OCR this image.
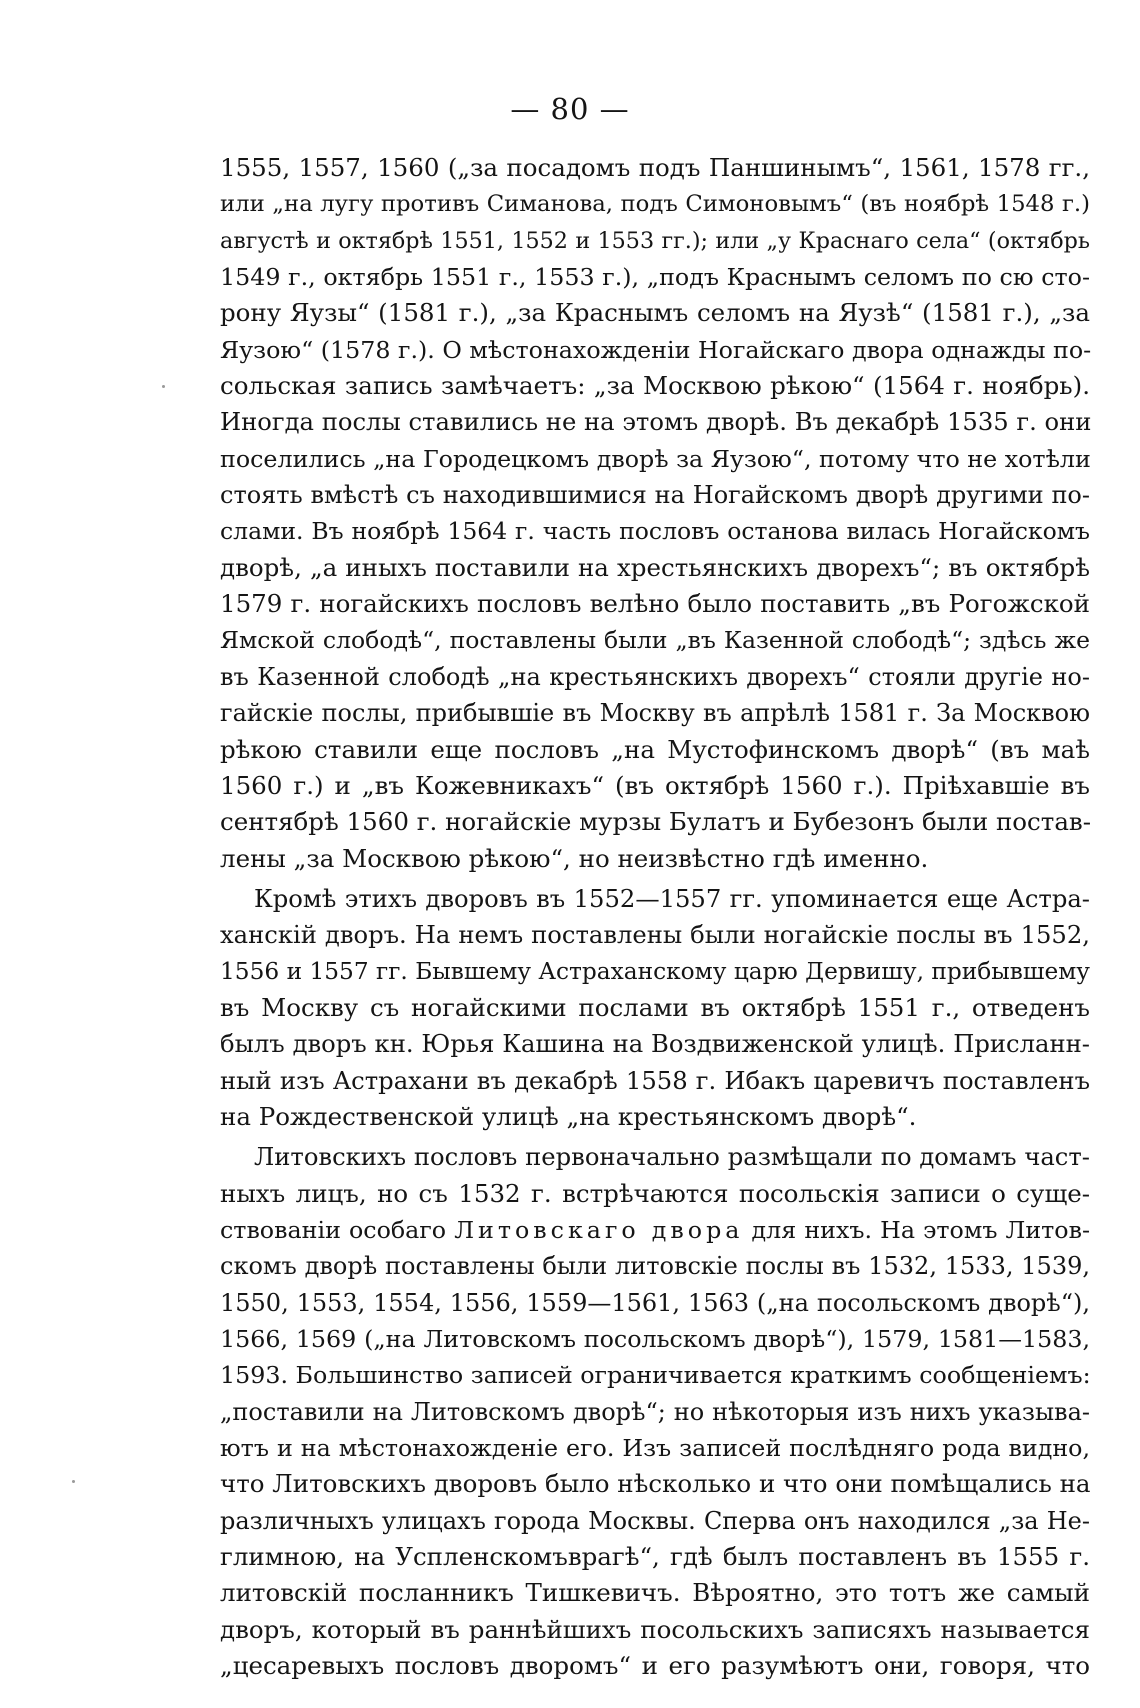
— 80 —
1555, 1557, 1560 („за посадомъ подъ Паншинымъ“, 1561, 1578 гг.,
или „на лугу противъ Симанова, подъ Симоновымъ“ (въ ноябрѣ 1548 г.)
августѣ и октябрѣ 1551, 1552 и 1553 гг.); или „у Краснаго села“ (октябрь
1549 г., октябрь 1551 г., 1553 г.), „подъ Краснымъ селомъ по сю сто-
рону Яузы“ (1581 г.), „за Краснымъ селомъ на Яузѣ“ (1581 г.), „за
Яузою“ (1578 г.). О мѣстонахожденіи Ногайскаго двора однажды по-
сольская запись замѣчаетъ: „за Москвою рѣкою“ (1564 г. ноябрь).
Иногда послы ставились не на этомъ дворѣ. Въ декабрѣ 1535 г. они
поселились „на Городецкомъ дворѣ за Яузою“, потому что не хотѣли
стоять вмѣстѣ съ находившимися на Ногайскомъ дворѣ другими по-
слами. Въ ноябрѣ 1564 г. часть пословъ останова вилась Ногайскомъ
дворѣ, „а иныхъ поставили на хрестьянскихъ дворехъ“; въ октябрѣ
1579 г. ногайскихъ пословъ велѣно было поставить „въ Рогожской
Ямской слободѣ“, поставлены были „въ Казенной слободѣ“; здѣсь же
въ Казенной слободѣ „на крестьянскихъ дворехъ“ стояли другіе но-
гайскіе послы, прибывшіе въ Москву въ апрѣлѣ 1581 г. За Москвою
рѣкою ставили еще пословъ „на Мустофинскомъ дворѣ“ (въ маѣ
1560 г.) и „въ Кожевникахъ“ (въ октябрѣ 1560 г.). Пріѣхавшіе въ
сентябрѣ 1560 г. ногайскіе мурзы Булатъ и Бубезонъ были постав-
лены „за Москвою рѣкою“, но неизвѣстно гдѣ именно.
Кромѣ этихъ дворовъ въ 1552—1557 гг. упоминается еще Астра-
ханскій дворъ. На немъ поставлены были ногайскіе послы въ 1552,
1556 и 1557 гг. Бывшему Астраханскому царю Дервишу, прибывшему
въ Москву съ ногайскими послами въ октябрѣ 1551 г., отведенъ
былъ дворъ кн. Юрья Кашина на Воздвиженской улицѣ. Присланн-
ный изъ Астрахани въ декабрѣ 1558 г. Ибакъ царевичъ поставленъ
на Рождественской улицѣ „на крестьянскомъ дворѣ“.
Литовскихъ пословъ первоначально размѣщали по домамъ част-
ныхъ лицъ, но съ 1532 г. встрѣчаются посольскія записи о суще-
ствованіи особаго Литовскаго двора для нихъ. На этомъ Литов-
скомъ дворѣ поставлены были литовскіе послы въ 1532, 1533, 1539,
1550, 1553, 1554, 1556, 1559—1561, 1563 („на посольскомъ дворѣ“),
1566, 1569 („на Литовскомъ посольскомъ дворѣ“), 1579, 1581—1583,
1593. Большинство записей ограничивается краткимъ сообщеніемъ:
„поставили на Литовскомъ дворѣ“; но нѣкоторыя изъ нихъ указыва-
ютъ и на мѣстонахожденіе его. Изъ записей послѣдняго рода видно,
что Литовскихъ дворовъ было нѣсколько и что они помѣщались на
различныхъ улицахъ города Москвы. Сперва онъ находился „за Не-
глимною, на Успленскомъврагѣ“, гдѣ былъ поставленъ въ 1555 г.
литовскій посланникъ Тишкевичъ. Вѣроятно, это тотъ же самый
дворъ, который въ раннѣйшихъ посольскихъ записяхъ называется
„цесаревыхъ пословъ дворомъ“ и его разумѣютъ они, говоря, что
